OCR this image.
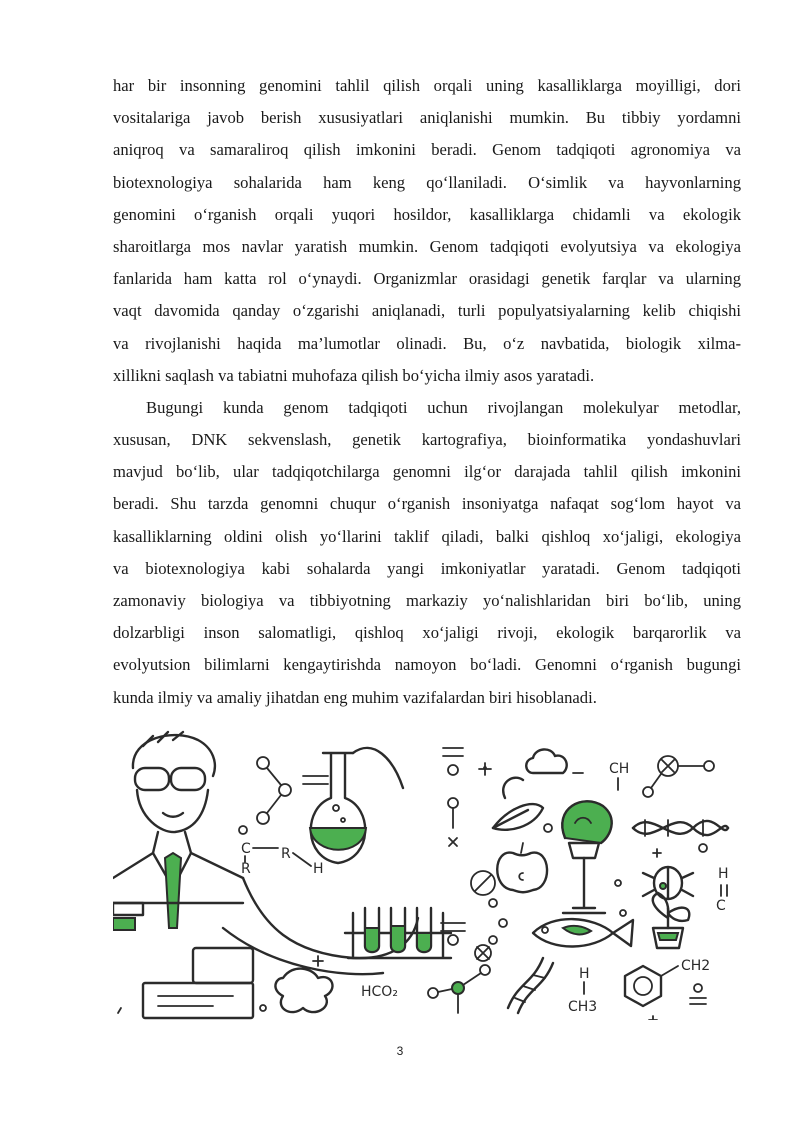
har bir insonning genomini tahlil qilish orqali uning kasalliklarga moyilligi, dori
vositalariga javob berish xususiyatlari aniqlanishi mumkin. Bu tibbiy yordamni
aniqroq va samaraliroq qilish imkonini beradi. Genom tadqiqoti agronomiya va
biotexnologiya sohalarida ham keng qo‘llaniladi. O‘simlik va hayvonlarning
genomini o‘rganish orqali yuqori hosildor, kasalliklarga chidamli va ekologik
sharoitlarga mos navlar yaratish mumkin. Genom tadqiqoti evolyutsiya va ekologiya
fanlarida ham katta rol o‘ynaydi. Organizmlar orasidagi genetik farqlar va ularning
vaqt davomida qanday o‘zgarishi aniqlanadi, turli populyatsiyalarning kelib chiqishi
va rivojlanishi haqida ma’lumotlar olinadi. Bu, o‘z navbatida, biologik xilma-
xillikni saqlash va tabiatni muhofaza qilish bo‘yicha ilmiy asos yaratadi.
Bugungi kunda genom tadqiqoti uchun rivojlangan molekulyar metodlar,
xususan, DNK sekvenslash, genetik kartografiya, bioinformatika yondashuvlari
mavjud bo‘lib, ular tadqiqotchilarga genomni ilg‘or darajada tahlil qilish imkonini
beradi. Shu tarzda genomni chuqur o‘rganish insoniyatga nafaqat sog‘lom hayot va
kasalliklarning oldini olish yo‘llarini taklif qiladi, balki qishloq xo‘jaligi, ekologiya
va biotexnologiya kabi sohalarda yangi imkoniyatlar yaratadi. Genom tadqiqoti
zamonaviy biologiya va tibbiyotning markaziy yo‘nalishlaridan biri bo‘lib, uning
dolzarbligi inson salomatligi, qishloq xo‘jaligi rivoji, ekologik barqarorlik va
evolyutsion bilimlarni kengaytirishda namoyon bo‘ladi. Genomni o‘rganish bugungi
kunda ilmiy va amaliy jihatdan eng muhim vazifalardan biri hisoblanadi.
C R
H
R
HCO₂
CH
H
C
H
CH3
CH2
3
